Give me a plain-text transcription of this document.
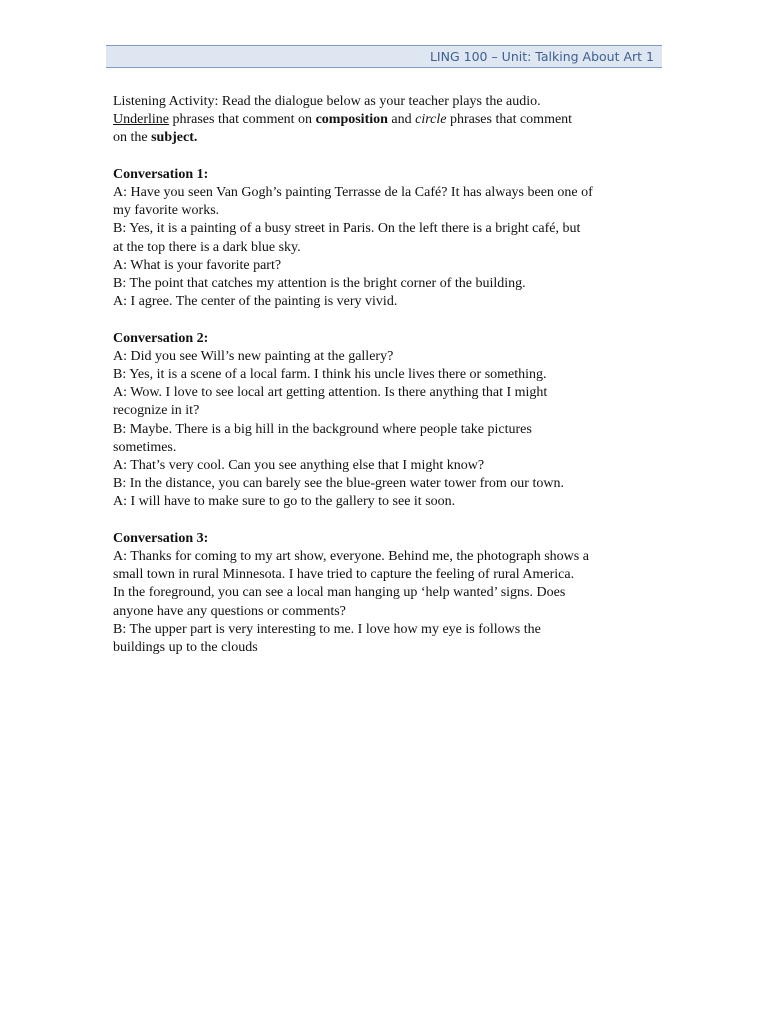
LING 100 – Unit: Talking About Art 1
Listening Activity: Read the dialogue below as your teacher plays the audio.
Underline phrases that comment on composition and circle phrases that comment
on the subject.
Conversation 1:
A: Have you seen Van Gogh’s painting Terrasse de la Café? It has always been one of
my favorite works.
B: Yes, it is a painting of a busy street in Paris. On the left there is a bright café, but
at the top there is a dark blue sky.
A: What is your favorite part?
B: The point that catches my attention is the bright corner of the building.
A: I agree. The center of the painting is very vivid.
Conversation 2:
A: Did you see Will’s new painting at the gallery?
B: Yes, it is a scene of a local farm. I think his uncle lives there or something.
A: Wow. I love to see local art getting attention. Is there anything that I might
recognize in it?
B: Maybe. There is a big hill in the background where people take pictures
sometimes.
A: That’s very cool. Can you see anything else that I might know?
B: In the distance, you can barely see the blue-green water tower from our town.
A: I will have to make sure to go to the gallery to see it soon.
Conversation 3:
A: Thanks for coming to my art show, everyone. Behind me, the photograph shows a
small town in rural Minnesota. I have tried to capture the feeling of rural America.
In the foreground, you can see a local man hanging up ‘help wanted’ signs. Does
anyone have any questions or comments?
B: The upper part is very interesting to me. I love how my eye is follows the
buildings up to the clouds
